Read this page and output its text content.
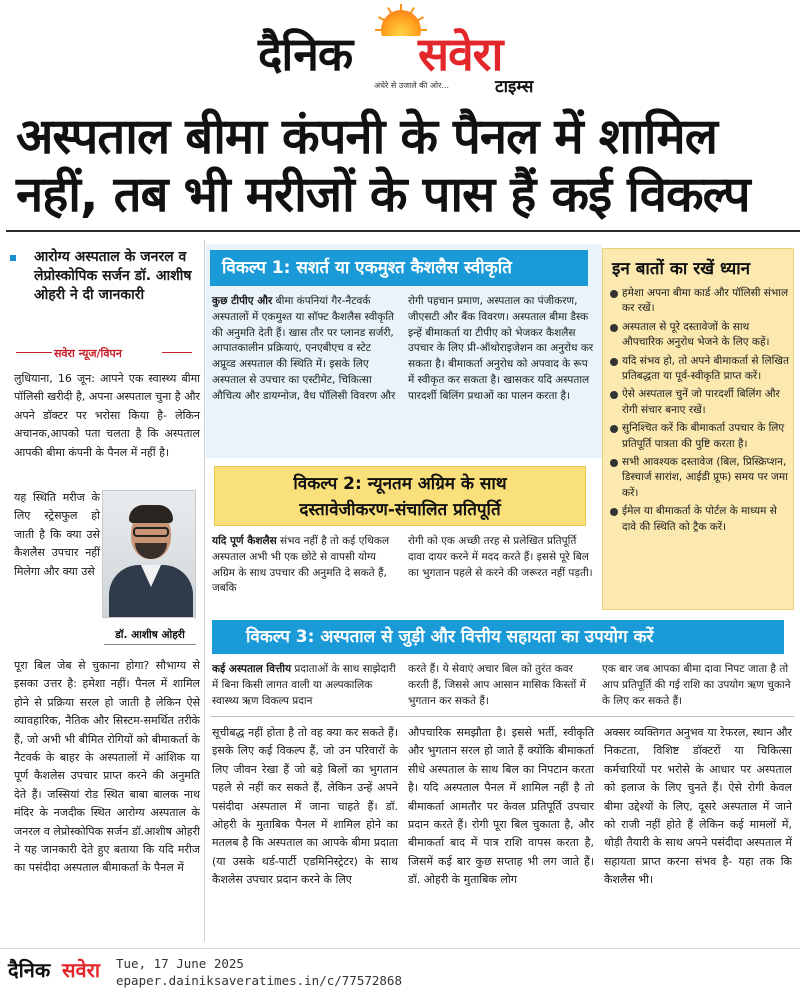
दैनिक सवेरा
अंधेरे से उजाले की ओर...	टाइम्स
अस्पताल बीमा कंपनी के पैनल में शामिल नहीं, तब भी मरीजों के पास हैं कई विकल्प
आरोग्य अस्पताल के जनरल व लेप्रोस्कोपिक सर्जन डॉ. आशीष ओहरी ने दी जानकारी
सवेरा न्यूज/विपन

लुधियाना, 16 जून: आपने एक स्वास्थ्य बीमा पॉलिसी खरीदी है, अपना अस्पताल चुना है और अपने डॉक्टर पर भरोसा किया है- लेकिन अचानक,आपको पता चलता है कि अस्पताल आपकी बीमा कंपनी के पैनल में नहीं है।

यह स्थिति मरीज के लिए स्ट्रेसफुल हो जाती है कि क्या उसे कैशलैस उपचार नहीं मिलेगा और क्या उसे

डॉ. आशीष ओहरी

पूरा बिल जेब से चुकाना होगा? सौभाग्य से इसका उत्तर है: हमेशा नहीं। पैनल में शामिल होने से प्रक्रिया सरल हो जाती है लेकिन ऐसे व्यावहारिक, नैतिक और सिस्टम-समर्थित तरीके हैं, जो अभी भी बीमित रोगियों को बीमाकर्ता के नैटवर्क के बाहर के अस्पतालों में आंशिक या पूर्ण कैशलेस उपचार प्राप्त करने की अनुमति देते हैं। जस्सियां रोड स्थित बाबा बालक नाथ मंदिर के नजदीक स्थित आरोग्य अस्पताल के जनरल व लेप्रोस्कोपिक सर्जन डॉ.आशीष ओहरी ने यह जानकारी देते हुए बताया कि यदि मरीज का पसंदीदा अस्पताल बीमाकर्ता के पैनल में

विकल्प 1: सशर्त या एकमुश्त कैशलैस स्वीकृति

कुछ टीपीए और बीमा कंपनियां गैर-नैटवर्क अस्पतालों में एकमुश्त या सॉफ्ट कैशलैस स्वीकृति की अनुमति देती हैं। खास तौर पर प्लानड सर्जरी, आपातकालीन प्रक्रियाएं, एनएबीएच व स्टेट अप्रूव्ड अस्पताल की स्थिति में। इसके लिए अस्पताल से उपचार का एस्टीमेट, चिकित्सा औचित्य और डायग्नोज, वैध पॉलिसी विवरण और

रोगी पहचान प्रमाण, अस्पताल का पंजीकरण, जीएसटी और बैंक विवरण। अस्पताल बीमा डैस्क इन्हें बीमाकर्ता या टीपीए को भेजकर कैशलैस उपचार के लिए प्री-ऑथोराइजेशन का अनुरोध कर सकता है। बीमाकर्ता अनुरोध को अपवाद के रूप में स्वीकृत कर सकता है। खासकर यदि अस्पताल पारदर्शी बिलिंग प्रथाओं का पालन करता है।

विकल्प 2: न्यूनतम अग्रिम के साथ
दस्तावेजीकरण-संचालित प्रतिपूर्ति

यदि पूर्ण कैशलैस संभव नहीं है तो कई एथिकल अस्पताल अभी भी एक छोटे से वापसी योग्य अग्रिम के साथ उपचार की अनुमति दे सकते हैं, जबकि

रोगी को एक अच्छी तरह से प्रलेखित प्रतिपूर्ति दावा दायर करने में मदद करते हैं। इससे पूरे बिल का भुगतान पहले से करने की जरूरत नहीं पड़ती।

इन बातों का रखें ध्यान
हमेशा अपना बीमा कार्ड और पॉलिसी संभाल कर रखें।
अस्पताल से पूरे दस्तावेजों के साथ औपचारिक अनुरोध भेजने के लिए कहें।
यदि संभव हो, तो अपने बीमाकर्ता से लिखित प्रतिबद्धता या पूर्व-स्वीकृति प्राप्त करें।
ऐसे अस्पताल चुनें जो पारदर्शी बिलिंग और रोगी संचार बनाए रखें।
सुनिश्चित करें कि बीमाकर्ता उपचार के लिए प्रतिपूर्ति पात्रता की पुष्टि करता है।
सभी आवश्यक दस्तावेज (बिल, प्रिस्क्रिप्शन, डिस्चार्ज सारांश, आईडी प्रूफ) समय पर जमा करें।
ईमेल या बीमाकर्ता के पोर्टल के माध्यम से दावे की स्थिति को ट्रैक करें।
विकल्प 3: अस्पताल से जुड़ी और वित्तीय सहायता का उपयोग करें

कई अस्पताल वित्तीय प्रदाताओं के साथ साझेदारी में बिना किसी लागत वाली या अल्पकालिक स्वास्थ्य ऋण विकल्प प्रदान

करते हैं। ये सेवाएं अचार बिल को तुरंत कवर करती हैं, जिससे आप आसान मासिक किस्तों में भुगतान कर सकते हैं।

एक बार जब आपका बीमा दावा निपट जाता है तो आप प्रतिपूर्ति की गई राशि का उपयोग ऋण चुकाने के लिए कर सकते हैं।

सूचीबद्ध नहीं होता है तो वह क्या कर सकते हैं। इसके लिए कई विकल्प हैं, जो उन परिवारों के लिए जीवन रेखा हैं जो बड़े बिलों का भुगतान पहले से नहीं कर सकते हैं, लेकिन उन्हें अपने पसंदीदा अस्पताल में जाना चाहते हैं। डॉ. ओहरी के मुताबिक पैनल में शामिल होने का मतलब है कि अस्पताल का आपके बीमा प्रदाता (या उसके थर्ड-पार्टी एडमिनिस्ट्रेटर) के साथ कैशलेस उपचार प्रदान करने के लिए

औपचारिक समझौता है। इससे भर्ती, स्वीकृति और भुगतान सरल हो जाते हैं क्योंकि बीमाकर्ता सीधे अस्पताल के साथ बिल का निपटान करता है। यदि अस्पताल पैनल में शामिल नहीं है तो बीमाकर्ता आमतौर पर केवल प्रतिपूर्ति उपचार प्रदान करते हैं। रोगी पूरा बिल चुकाता है, और बीमाकर्ता बाद में पात्र राशि वापस करता है, जिसमें कई बार कुछ सप्ताह भी लग जाते हैं। डॉ. ओहरी के मुताबिक लोग

अक्सर व्यक्तिगत अनुभव या रेफरल, स्थान और निकटता, विशिष्ट डॉक्टरों या चिकित्सा कर्मचारियों पर भरोसे के आधार पर अस्पताल को इलाज के लिए चुनते हैं। ऐसे रोगी केवल बीमा उद्देश्यों के लिए, दूसरे अस्पताल में जाने को राजी नहीं होते हैं लेकिन कई मामलों में, थोड़ी तैयारी के साथ अपने पसंदीदा अस्पताल में सहायता प्राप्त करना संभव है- यहा तक कि कैशलैस भी।

दैनिक सवेरा Tue, 17 June 2025
epaper.dainiksaveratimes.in/c/77572868
